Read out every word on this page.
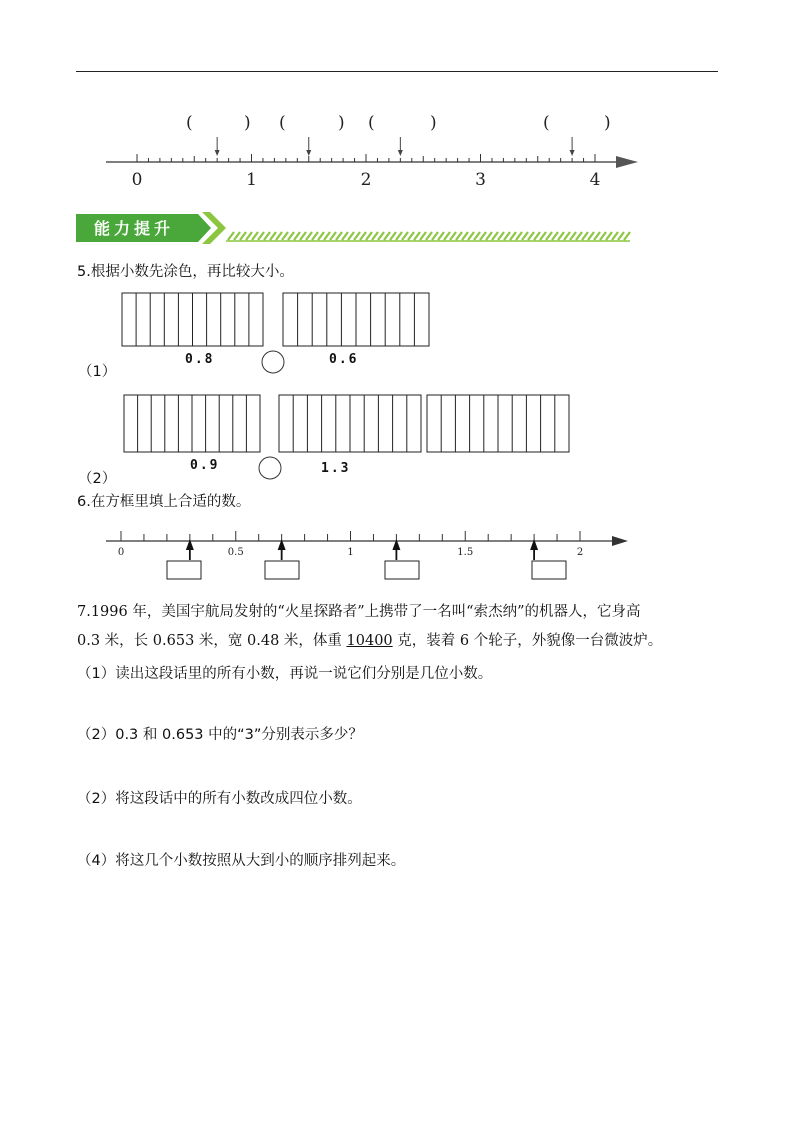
0	1	2	3	4
(	) (	) (	)	(	)
能力提升
5.根据小数先涂色，再比较大小。
0.8	0.6
（1）
0.9	1.3
（2）
6.在方框里填上合适的数。
0	0.5	1	1.5	2
7.1996 年，美国宇航局发射的“火星探路者”上携带了一名叫“索杰纳”的机器人，它身高
0.3 米，长 0.653 米，宽 0.48 米，体重 10400 克，装着 6 个轮子，外貌像一台微波炉。
（1）读出这段话里的所有小数，再说一说它们分别是几位小数。
（2）0.3 和 0.653 中的“3”分别表示多少？
（2）将这段话中的所有小数改成四位小数。
（4）将这几个小数按照从大到小的顺序排列起来。
